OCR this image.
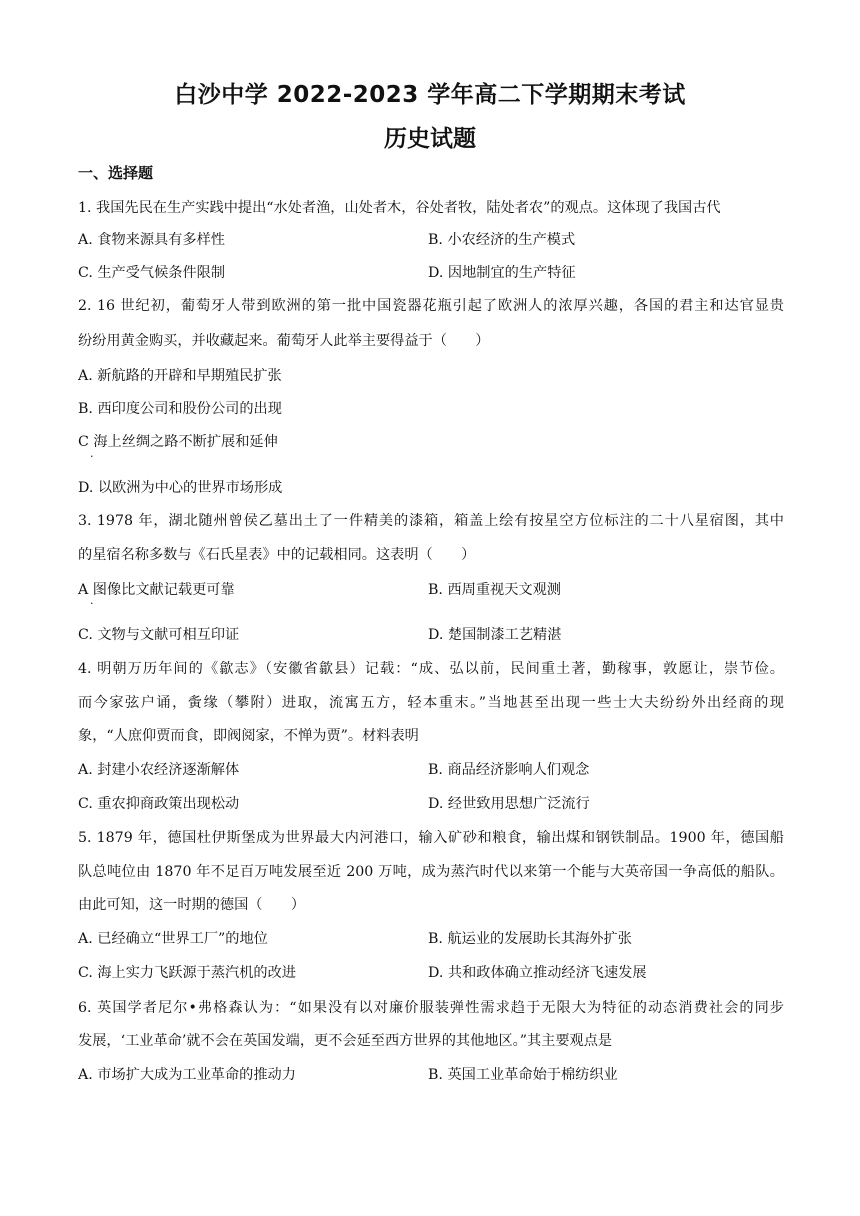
白沙中学 2022-2023 学年高二下学期期末考试
历史试题
一、选择题
1. 我国先民在生产实践中提出“水处者渔，山处者木，谷处者牧，陆处者农”的观点。这体现了我国古代
A. 食物来源具有多样性	B. 小农经济的生产模式
C. 生产受气候条件限制	D. 因地制宜的生产特征
2. 16 世纪初，葡萄牙人带到欧洲的第一批中国瓷器花瓶引起了欧洲人的浓厚兴趣，各国的君主和达官显贵
纷纷用黄金购买，并收藏起来。葡萄牙人此举主要得益于（　　）
A. 新航路的开辟和早期殖民扩张
B. 西印度公司和股份公司的出现
C 海上丝绸之路不断扩展和延伸
·
D. 以欧洲为中心的世界市场形成
3. 1978 年，湖北随州曾侯乙墓出土了一件精美的漆箱，箱盖上绘有按星空方位标注的二十八星宿图，其中
的星宿名称多数与《石氏星表》中的记载相同。这表明（　　）
A 图像比文献记载更可靠	B. 西周重视天文观测
·
C. 文物与文献可相互印证	D. 楚国制漆工艺精湛
4. 明朝万历年间的《歙志》（安徽省歙县）记载：“成、弘以前，民间重土著，勤稼事，敦愿让，崇节俭。
而今家弦户诵，夤缘（攀附）进取，流寓五方，轻本重末。”当地甚至出现一些士大夫纷纷外出经商的现
象，“人庶仰贾而食，即阀阅家，不惮为贾”。材料表明
A. 封建小农经济逐渐解体	B. 商品经济影响人们观念
C. 重农抑商政策出现松动	D. 经世致用思想广泛流行
5. 1879 年，德国杜伊斯堡成为世界最大内河港口，输入矿砂和粮食，输出煤和钢铁制品。1900 年，德国船
队总吨位由 1870 年不足百万吨发展至近 200 万吨，成为蒸汽时代以来第一个能与大英帝国一争高低的船队。
由此可知，这一时期的德国（　　）
A. 已经确立“世界工厂”的地位	B. 航运业的发展助长其海外扩张
C. 海上实力飞跃源于蒸汽机的改进	D. 共和政体确立推动经济飞速发展
6. 英国学者尼尔•弗格森认为：“如果没有以对廉价服装弹性需求趋于无限大为特征的动态消费社会的同步
发展，‘工业革命’就不会在英国发端，更不会延至西方世界的其他地区。”其主要观点是
A. 市场扩大成为工业革命的推动力	B. 英国工业革命始于棉纺织业
